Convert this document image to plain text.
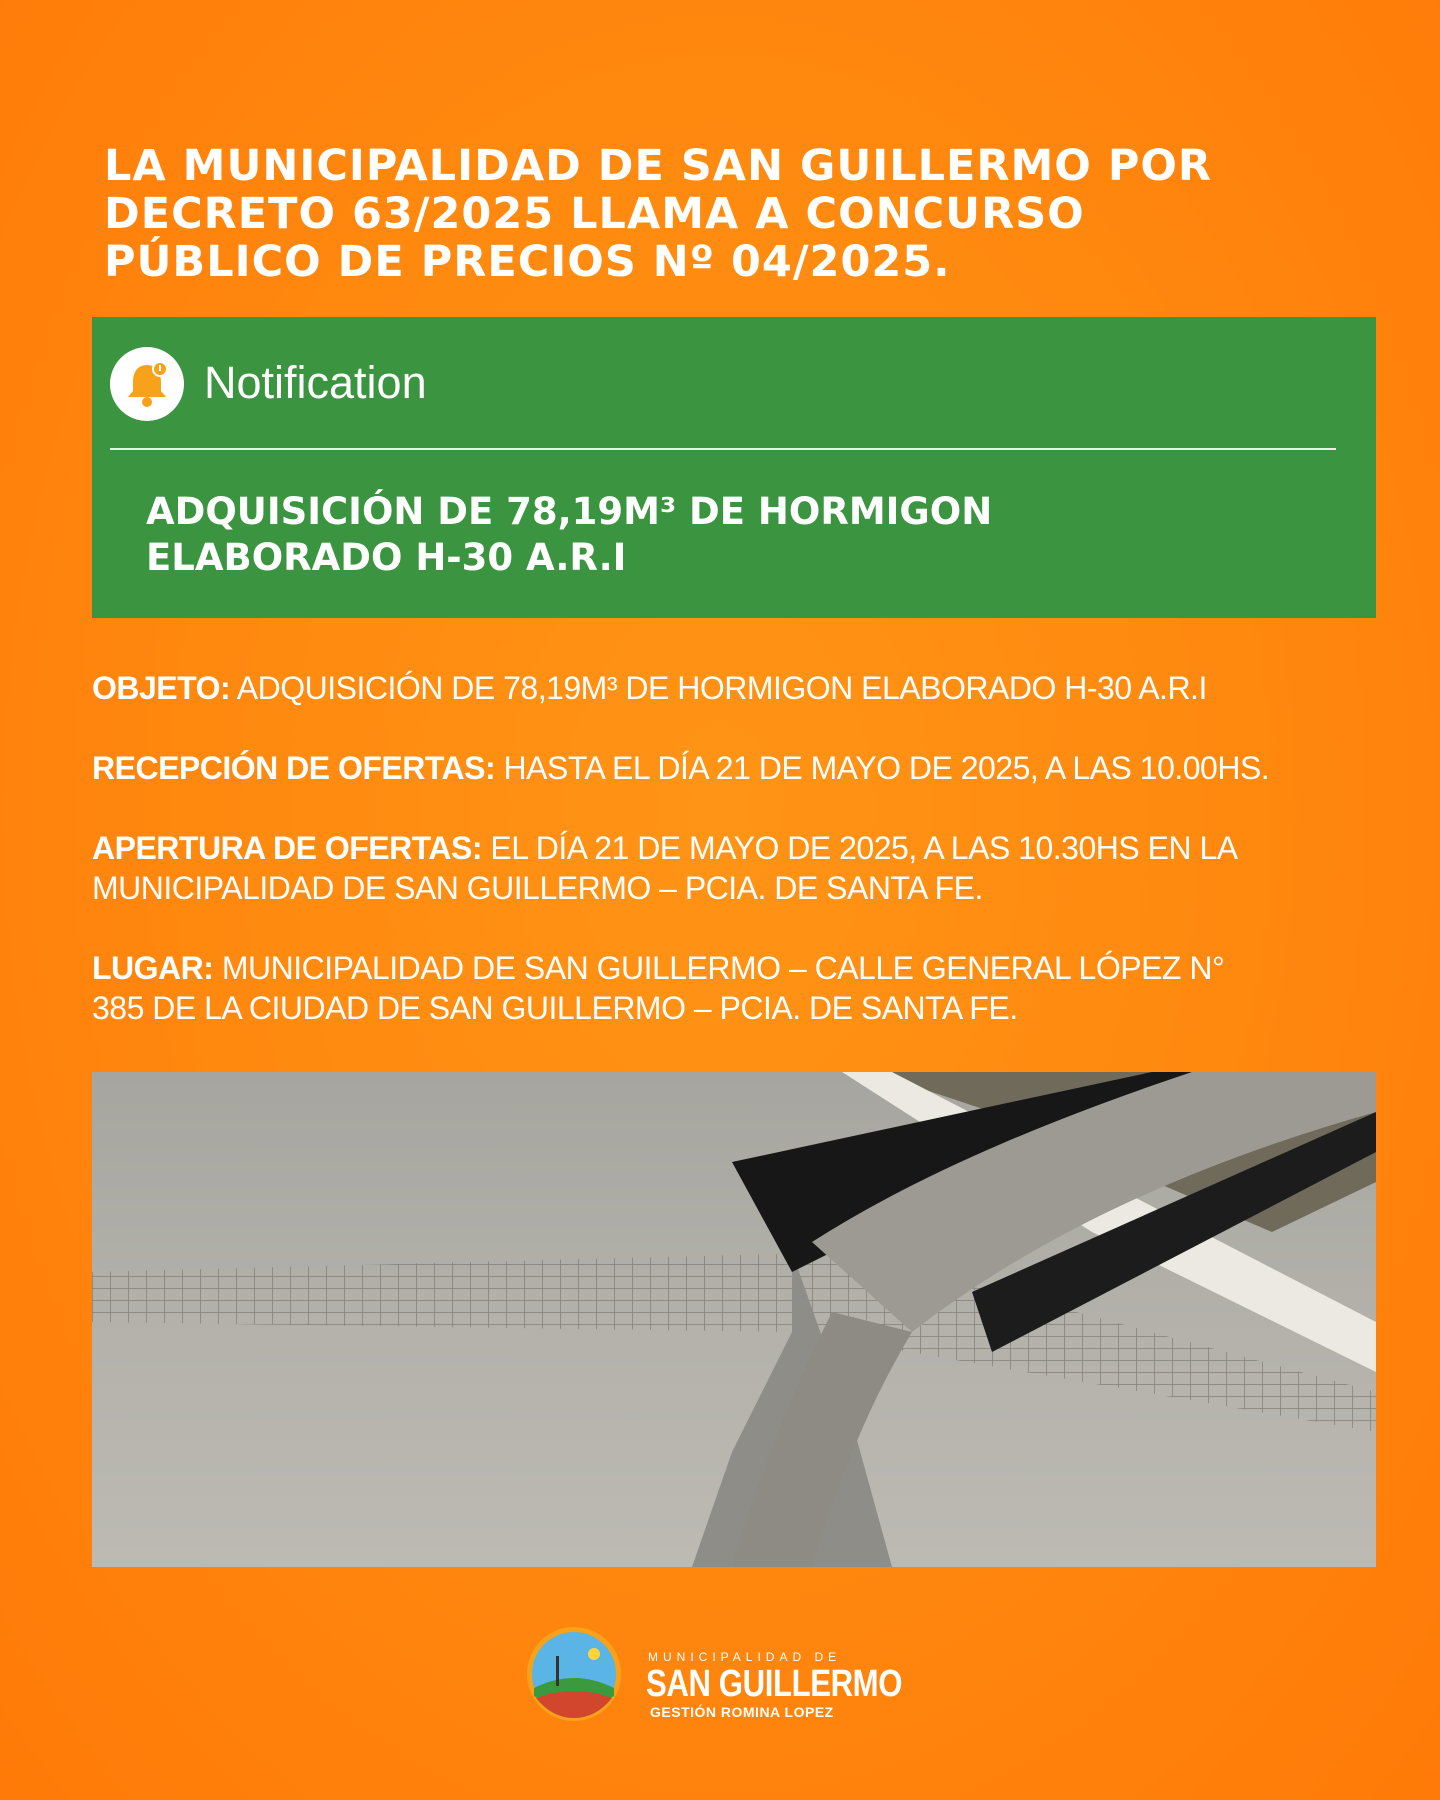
LA MUNICIPALIDAD DE SAN GUILLERMO POR
DECRETO 63/2025 LLAMA A CONCURSO
PÚBLICO DE PRECIOS Nº 04/2025.
Notification
ADQUISICIÓN DE 78,19M³ DE HORMIGON
ELABORADO H-30 A.R.I
OBJETO: ADQUISICIÓN DE 78,19M³ DE HORMIGON ELABORADO H-30 A.R.I
RECEPCIÓN DE OFERTAS: HASTA EL DÍA 21 DE MAYO DE 2025, A LAS 10.00HS.
APERTURA DE OFERTAS: EL DÍA 21 DE MAYO DE 2025, A LAS 10.30HS EN LA
MUNICIPALIDAD DE SAN GUILLERMO – PCIA. DE SANTA FE.
LUGAR: MUNICIPALIDAD DE SAN GUILLERMO – CALLE GENERAL LÓPEZ N°
385 DE LA CIUDAD DE SAN GUILLERMO – PCIA. DE SANTA FE.
MUNICIPALIDAD DE
SAN GUILLERMO
GESTIÓN ROMINA LOPEZ
